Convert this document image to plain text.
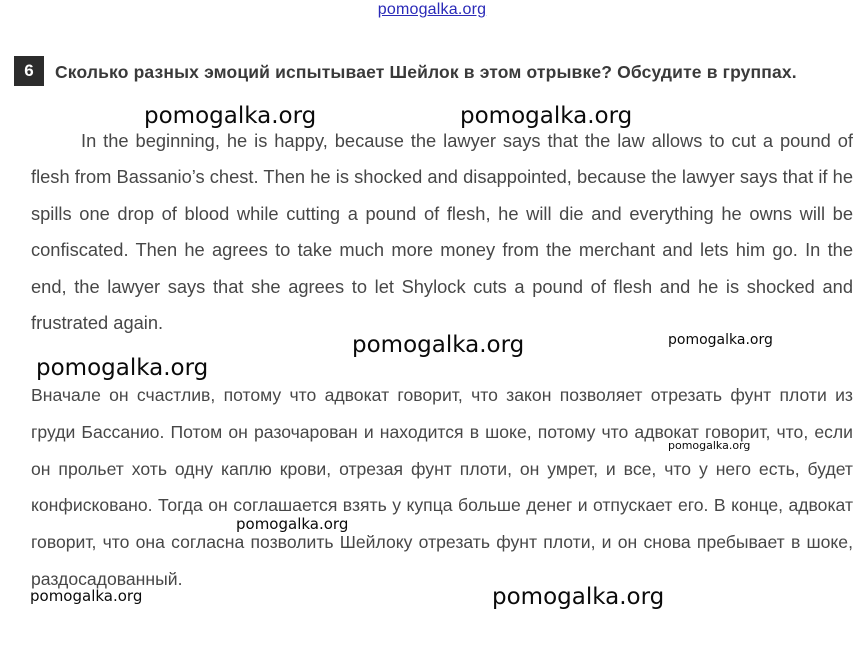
pomogalka.org
6	Сколько разных эмоций испытывает Шейлок в этом отрывке? Обсудите в группах.

In the beginning, he is happy, because the lawyer says that the law allows to cut a pound of flesh from Bassanio’s chest. Then he is shocked and disappointed, because the lawyer says that if he spills one drop of blood while cutting a pound of flesh, he will die and everything he owns will be confiscated. Then he agrees to take much more money from the merchant and lets him go. In the end, the lawyer says that she agrees to let Shylock cuts a pound of flesh and he is shocked and frustrated again.

Вначале он счастлив, потому что адвокат говорит, что закон позволяет отрезать фунт плоти из груди Бассанио. Потом он разочарован и находится в шоке, потому что адвокат говорит, что, если он прольет хоть одну каплю крови, отрезая фунт плоти, он умрет, и все, что у него есть, будет конфисковано. Тогда он соглашается взять у купца больше денег и отпускает его. В конце, адвокат говорит, что она согласна позволить Шейлоку отрезать фунт плоти, и он снова пребывает в шоке, раздосадованный.

pomogalka.org	pomogalka.org
pomogalka.org	pomogalka.org
pomogalka.org
pomogalka.org
pomogalka.org
pomogalka.org	pomogalka.org
